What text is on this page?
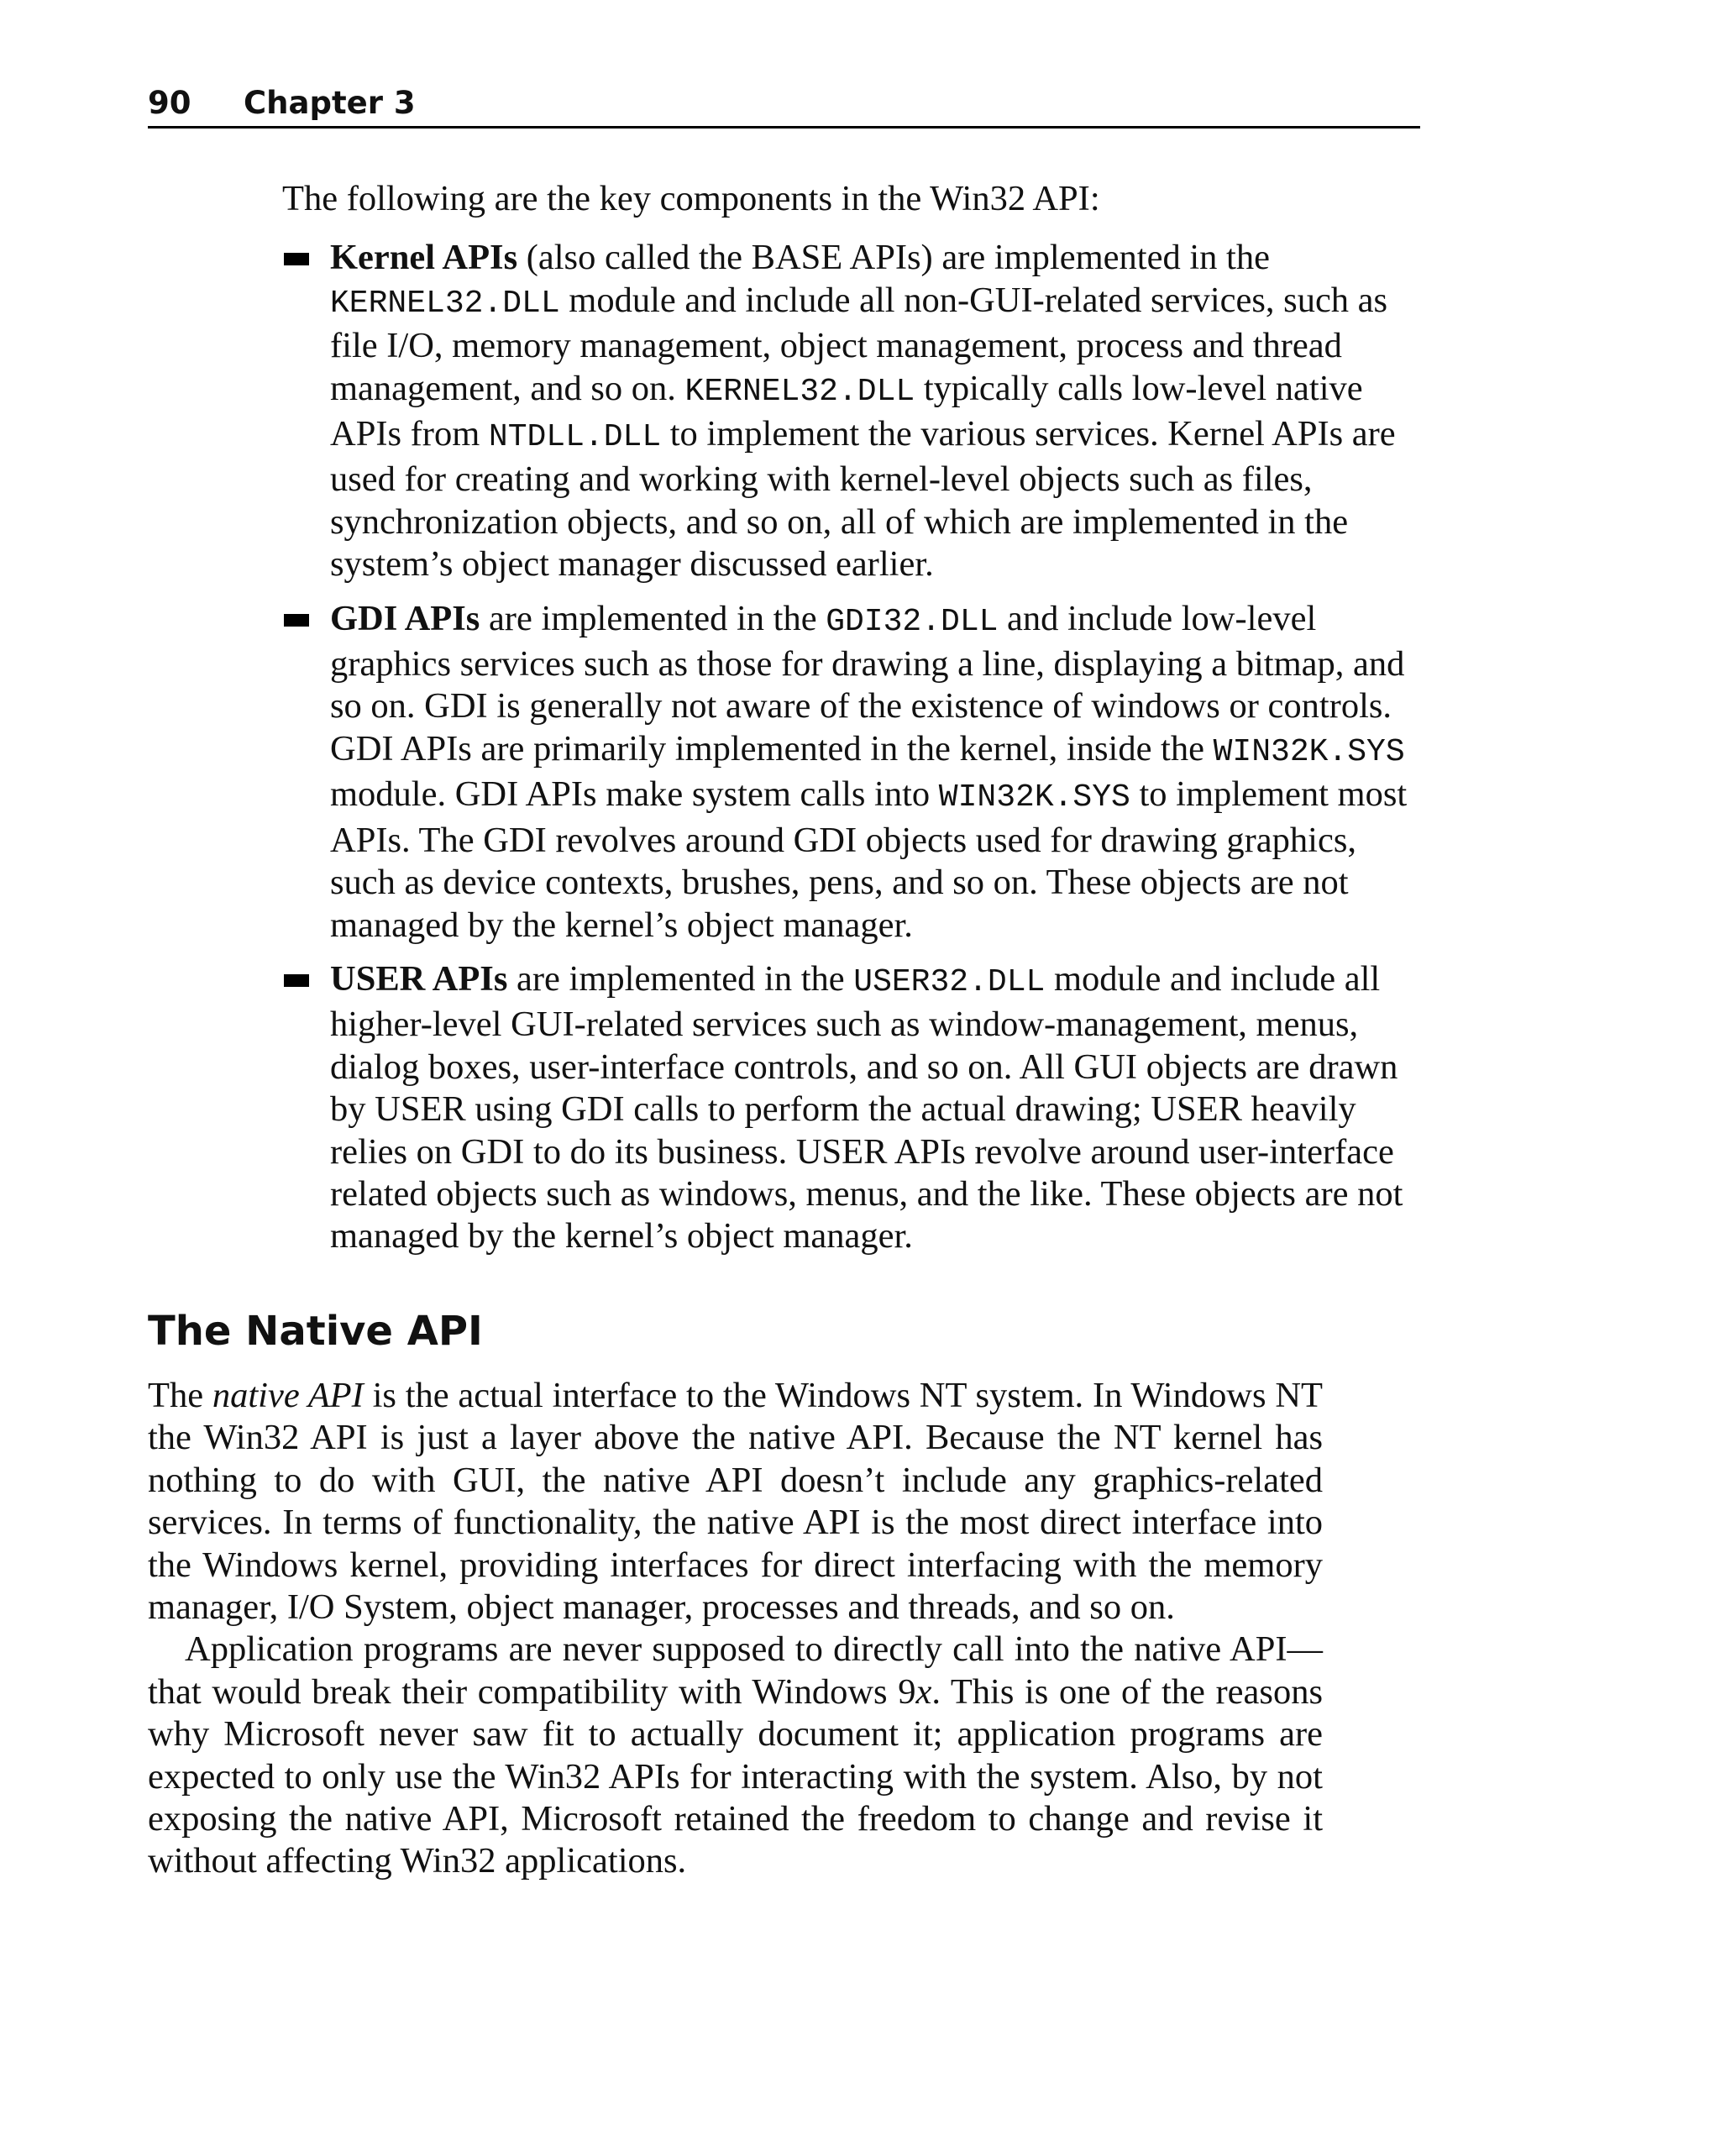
90 Chapter 3

The following are the key components in the Win32 API:

Kernel APIs (also called the BASE APIs) are implemented in the KERNEL32.DLL module and include all non-GUI-related services, such as file I/O, memory management, object management, process and thread management, and so on. KERNEL32.DLL typically calls low-level native APIs from NTDLL.DLL to implement the various services. Kernel APIs are used for creating and working with kernel-level objects such as files, synchronization objects, and so on, all of which are implemented in the system’s object manager discussed earlier.
GDI APIs are implemented in the GDI32.DLL and include low-level graphics services such as those for drawing a line, displaying a bitmap, and so on. GDI is generally not aware of the existence of windows or controls. GDI APIs are primarily implemented in the kernel, inside the WIN32K.SYS module. GDI APIs make system calls into WIN32K.SYS to implement most APIs. The GDI revolves around GDI objects used for drawing graphics, such as device contexts, brushes, pens, and so on. These objects are not managed by the kernel’s object manager.
USER APIs are implemented in the USER32.DLL module and include all higher-level GUI-related services such as window-management, menus, dialog boxes, user-interface controls, and so on. All GUI objects are drawn by USER using GDI calls to perform the actual drawing; USER heavily relies on GDI to do its business. USER APIs revolve around user-interface related objects such as windows, menus, and the like. These objects are not managed by the kernel’s object manager.
The Native API

The native API is the actual interface to the Windows NT system. In Windows NT the Win32 API is just a layer above the native API. Because the NT kernel has nothing to do with GUI, the native API doesn’t include any graphics-related services. In terms of functionality, the native API is the most direct interface into the Windows kernel, providing interfaces for direct interfacing with the memory manager, I/O System, object manager, processes and threads, and so on.

Application programs are never supposed to directly call into the native API—that would break their compatibility with Windows 9x. This is one of the reasons why Microsoft never saw fit to actually document it; application programs are expected to only use the Win32 APIs for interacting with the system. Also, by not exposing the native API, Microsoft retained the freedom to change and revise it without affecting Win32 applications.
